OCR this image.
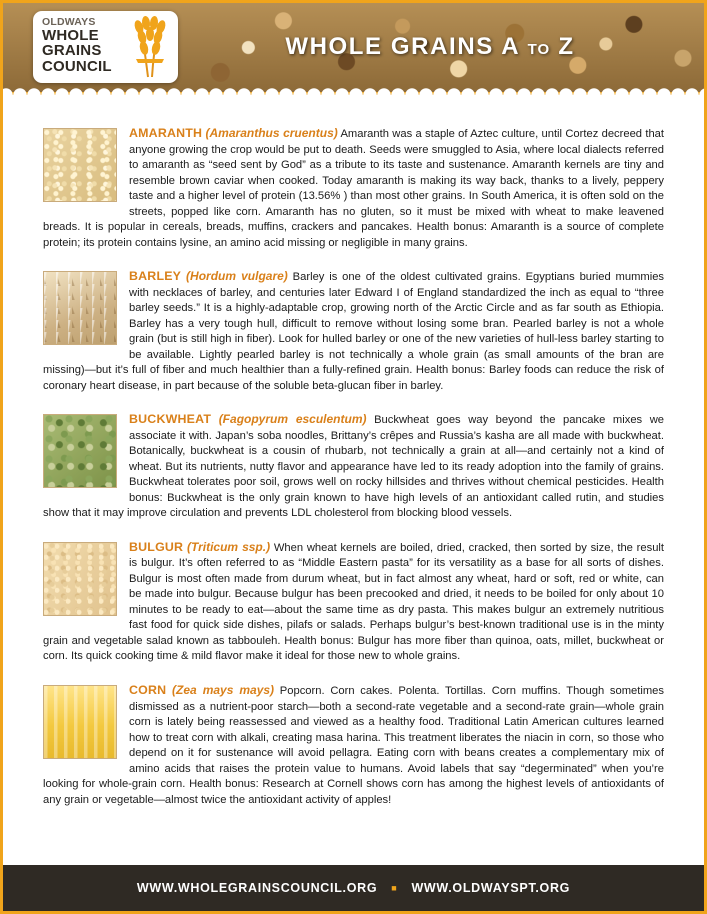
OLDWAYS
WHOLE
GRAINS
COUNCIL
WHOLE GRAINS A TO Z
AMARANTH (Amaranthus cruentus) Amaranth was a staple of Aztec culture, until Cortez decreed that anyone growing the crop would be put to death. Seeds were smuggled to Asia, where local dialects referred to amaranth as “seed sent by God” as a tribute to its taste and sustenance. Amaranth kernels are tiny and resemble brown caviar when cooked. Today amaranth is making its way back, thanks to a lively, peppery taste and a higher level of protein (13.56% ) than most other grains. In South America, it is often sold on the streets, popped like corn. Amaranth has no gluten, so it must be mixed with wheat to make leavened breads. It is popular in cereals, breads, muffins, crackers and pancakes. Health bonus: Amaranth is a source of complete protein; its protein contains lysine, an amino acid missing or negligible in many grains.
BARLEY (Hordum vulgare) Barley is one of the oldest cultivated grains. Egyptians buried mummies with necklaces of barley, and centuries later Edward I of England standardized the inch as equal to “three barley seeds.” It is a highly-adaptable crop, growing north of the Arctic Circle and as far south as Ethiopia. Barley has a very tough hull, difficult to remove without losing some bran. Pearled barley is not a whole grain (but is still high in fiber). Look for hulled barley or one of the new varieties of hull-less barley starting to be available. Lightly pearled barley is not technically a whole grain (as small amounts of the bran are missing)—but it’s full of fiber and much healthier than a fully-refined grain. Health bonus: Barley foods can reduce the risk of coronary heart disease, in part because of the soluble beta-glucan fiber in barley.
BUCKWHEAT (Fagopyrum esculentum) Buckwheat goes way beyond the pancake mixes we associate it with. Japan’s soba noodles, Brittany’s crêpes and Russia’s kasha are all made with buckwheat. Botanically, buckwheat is a cousin of rhubarb, not technically a grain at all—and certainly not a kind of wheat. But its nutrients, nutty flavor and appearance have led to its ready adoption into the family of grains. Buckwheat tolerates poor soil, grows well on rocky hillsides and thrives without chemical pesticides. Health bonus: Buckwheat is the only grain known to have high levels of an antioxidant called rutin, and studies show that it may improve circulation and prevents LDL cholesterol from blocking blood vessels.
BULGUR (Triticum ssp.) When wheat kernels are boiled, dried, cracked, then sorted by size, the result is bulgur. It’s often referred to as “Middle Eastern pasta” for its versatility as a base for all sorts of dishes. Bulgur is most often made from durum wheat, but in fact almost any wheat, hard or soft, red or white, can be made into bulgur. Because bulgur has been precooked and dried, it needs to be boiled for only about 10 minutes to be ready to eat—about the same time as dry pasta. This makes bulgur an extremely nutritious fast food for quick side dishes, pilafs or salads. Perhaps bulgur’s best-known traditional use is in the minty grain and vegetable salad known as tabbouleh. Health bonus: Bulgur has more fiber than quinoa, oats, millet, buckwheat or corn. Its quick cooking time & mild flavor make it ideal for those new to whole grains.
CORN (Zea mays mays) Popcorn. Corn cakes. Polenta. Tortillas. Corn muffins. Though sometimes dismissed as a nutrient-poor starch—both a second-rate vegetable and a second-rate grain—whole grain corn is lately being reassessed and viewed as a healthy food. Traditional Latin American cultures learned how to treat corn with alkali, creating masa harina. This treatment liberates the niacin in corn, so those who depend on it for sustenance will avoid pellagra. Eating corn with beans creates a complementary mix of amino acids that raises the protein value to humans. Avoid labels that say “degerminated” when you’re looking for whole-grain corn. Health bonus: Research at Cornell shows corn has among the highest levels of antioxidants of any grain or vegetable—almost twice the antioxidant activity of apples!
WWW.WHOLEGRAINSCOUNCIL.ORG ■ WWW.OLDWAYSPT.ORG
